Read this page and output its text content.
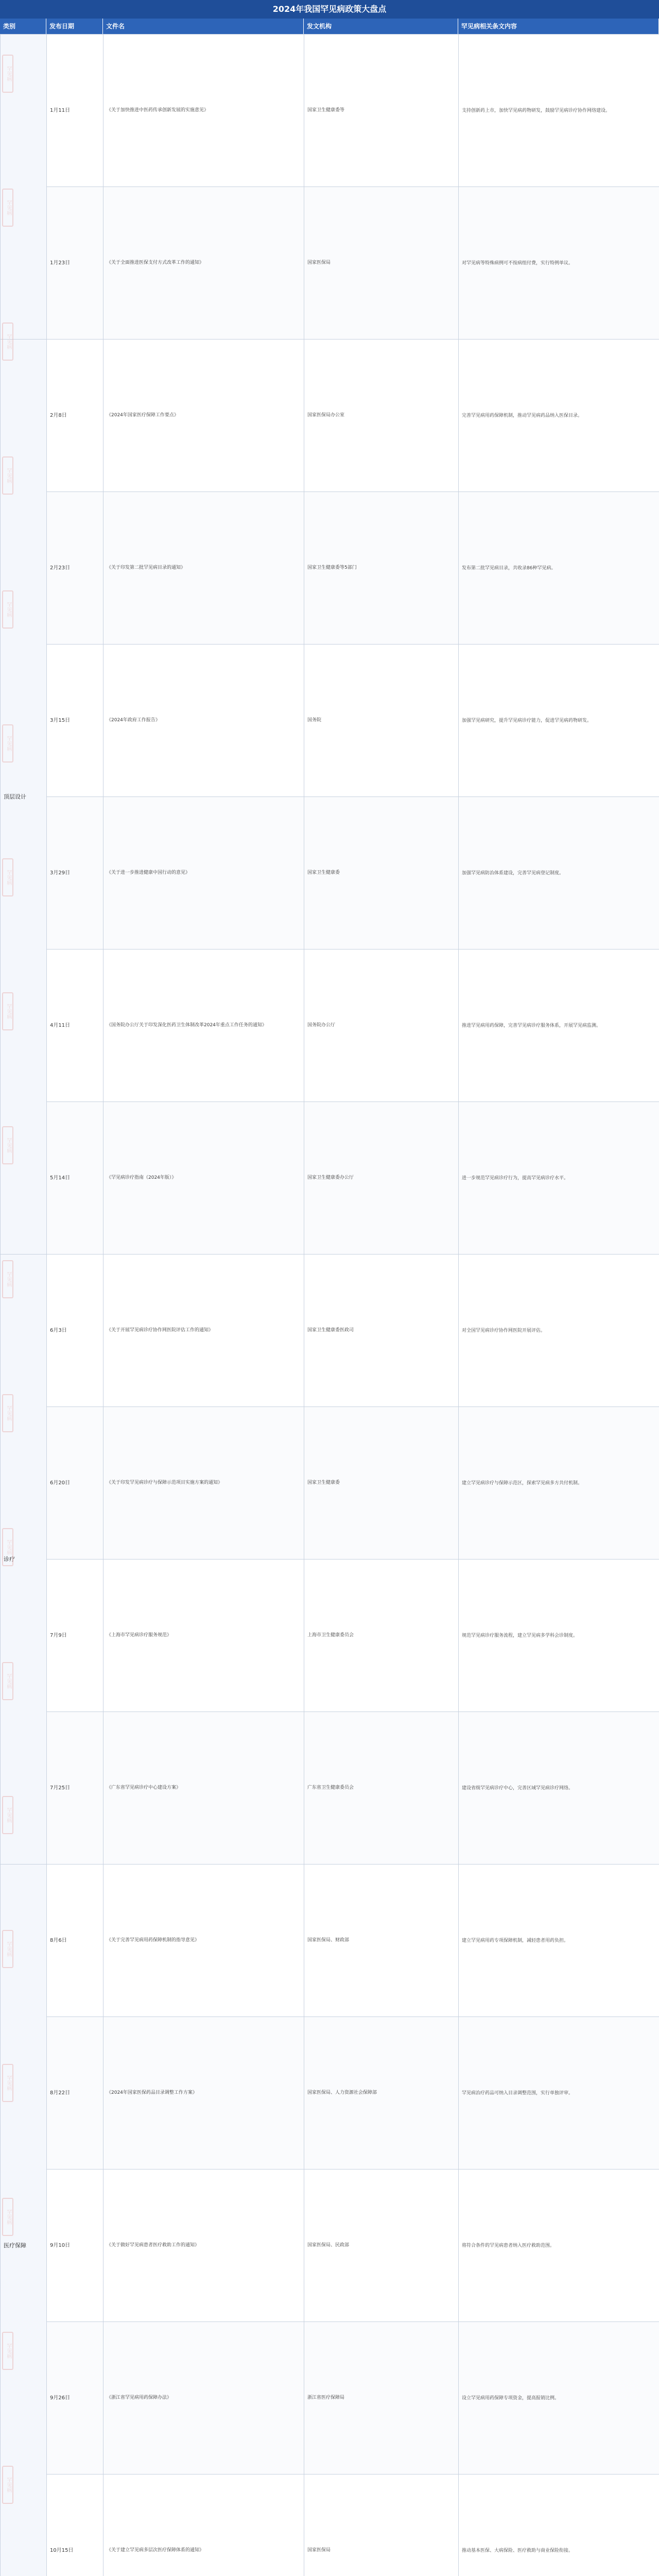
2024年我国罕见病政策大盘点
类别	发布日期	文件名	发文机构	罕见病相关条文内容
	1月11日	《关于加快推进中医药传承创新发展的实施意见》	国家卫生健康委等	支持创新药上市，加快罕见病药物研发，鼓励罕见病诊疗协作网络建设。
	1月23日	《关于全面推进医保支付方式改革工作的通知》	国家医保局	对罕见病等特殊病例可不按病组付费，实行特例单议。
顶层设计	2月8日	《2024年国家医疗保障工作要点》	国家医保局办公室	完善罕见病用药保障机制，推动罕见病药品纳入医保目录。
	2月23日	《关于印发第二批罕见病目录的通知》	国家卫生健康委等5部门	发布第二批罕见病目录，共收录86种罕见病。
	3月15日	《2024年政府工作报告》	国务院	加强罕见病研究，提升罕见病诊疗能力，促进罕见病药物研发。
	3月29日	《关于进一步推进健康中国行动的意见》	国家卫生健康委	加强罕见病防治体系建设，完善罕见病登记制度。
	4月11日	《国务院办公厅关于印发深化医药卫生体制改革2024年重点工作任务的通知》	国务院办公厅	推进罕见病用药保障，完善罕见病诊疗服务体系，开展罕见病监测。
	5月14日	《罕见病诊疗指南（2024年版）》	国家卫生健康委办公厅	进一步规范罕见病诊疗行为，提高罕见病诊疗水平。
诊疗	6月3日	《关于开展罕见病诊疗协作网医院评估工作的通知》	国家卫生健康委医政司	对全国罕见病诊疗协作网医院开展评估。
	6月20日	《关于印发罕见病诊疗与保障示范项目实施方案的通知》	国家卫生健康委	建立罕见病诊疗与保障示范区，探索罕见病多方共付机制。
	7月9日	《上海市罕见病诊疗服务规范》	上海市卫生健康委员会	规范罕见病诊疗服务流程，建立罕见病多学科会诊制度。
	7月25日	《广东省罕见病诊疗中心建设方案》	广东省卫生健康委员会	建设省级罕见病诊疗中心，完善区域罕见病诊疗网络。
医疗保障	8月6日	《关于完善罕见病用药保障机制的指导意见》	国家医保局、财政部	建立罕见病用药专项保障机制，减轻患者用药负担。
	8月22日	《2024年国家医保药品目录调整工作方案》	国家医保局、人力资源社会保障部	罕见病治疗药品可纳入目录调整范围，实行单独评审。
	9月10日	《关于做好罕见病患者医疗救助工作的通知》	国家医保局、民政部	将符合条件的罕见病患者纳入医疗救助范围。
	9月26日	《浙江省罕见病用药保障办法》	浙江省医疗保障局	设立罕见病用药保障专项资金，提高报销比例。
	10月15日	《关于建立罕见病多层次医疗保障体系的通知》	国家医保局	推动基本医保、大病保险、医疗救助与商业保险衔接。

罕见病
罕见病
罕见病
罕见病
罕见病
罕见病
罕见病
罕见病
罕见病
罕见病
罕见病
罕见病
罕见病
罕见病
罕见病
罕见病
罕见病
罕见病
罕见病
